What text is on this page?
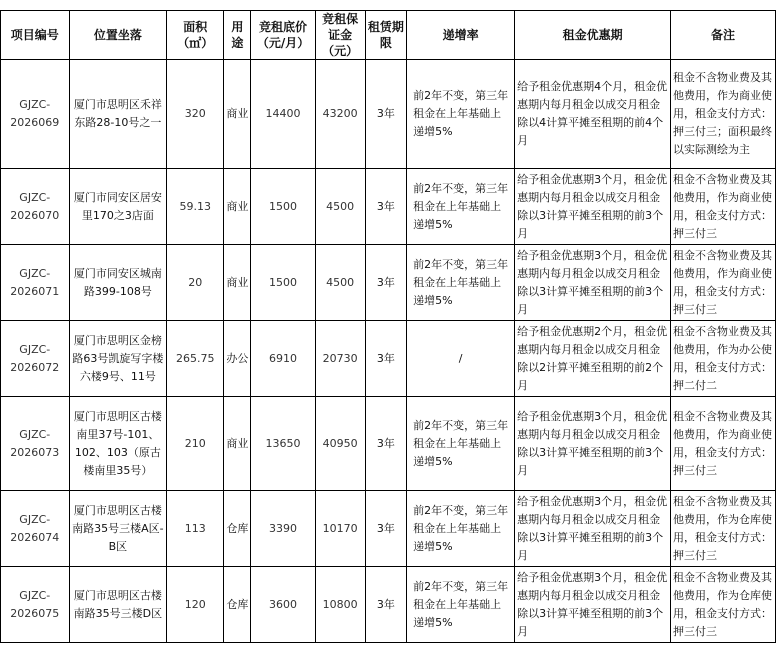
项目编号	位置坐落	面积（㎡）	用途	竞租底价（元/月）	竞租保证金（元）	租赁期限	递增率	租金优惠期	备注
GJZC-2026069	厦门市思明区禾祥东路28-10号之一	320	商业	14400	43200	3年	前2年不变，第三年租金在上年基础上递增5%	给予租金优惠期4个月，租金优惠期内每月租金以成交月租金除以4计算平摊至租期的前4个月	租金不含物业费及其他费用，作为商业使用，租金支付方式：押三付三；面积最终以实际测绘为主
GJZC-2026070	厦门市同安区居安里170之3店面	59.13	商业	1500	4500	3年	前2年不变，第三年租金在上年基础上递增5%	给予租金优惠期3个月，租金优惠期内每月租金以成交月租金除以3计算平摊至租期的前3个月	租金不含物业费及其他费用，作为商业使用，租金支付方式：押三付三
GJZC-2026071	厦门市同安区城南路399-108号	20	商业	1500	4500	3年	前2年不变，第三年租金在上年基础上递增5%	给予租金优惠期3个月，租金优惠期内每月租金以成交月租金除以3计算平摊至租期的前3个月	租金不含物业费及其他费用，作为商业使用，租金支付方式：押三付三
GJZC-2026072	厦门市思明区金榜路63号凯旋写字楼六楼9号、11号	265.75	办公	6910	20730	3年	/	给予租金优惠期2个月，租金优惠期内每月租金以成交月租金除以2计算平摊至租期的前2个月	租金不含物业费及其他费用，作为办公使用，租金支付方式：押二付二
GJZC-2026073	厦门市思明区古楼南里37号-101、102、103（原古楼南里35号）	210	商业	13650	40950	3年	前2年不变，第三年租金在上年基础上递增5%	给予租金优惠期3个月，租金优惠期内每月租金以成交月租金除以3计算平摊至租期的前3个月	租金不含物业费及其他费用，作为商业使用，租金支付方式：押三付三
GJZC-2026074	厦门市思明区古楼南路35号三楼A区-B区	113	仓库	3390	10170	3年	前2年不变，第三年租金在上年基础上递增5%	给予租金优惠期3个月，租金优惠期内每月租金以成交月租金除以3计算平摊至租期的前3个月	租金不含物业费及其他费用，作为仓库使用，租金支付方式：押三付三
GJZC-2026075	厦门市思明区古楼南路35号三楼D区	120	仓库	3600	10800	3年	前2年不变，第三年租金在上年基础上递增5%	给予租金优惠期3个月，租金优惠期内每月租金以成交月租金除以3计算平摊至租期的前3个月	租金不含物业费及其他费用，作为仓库使用，租金支付方式：押三付三
